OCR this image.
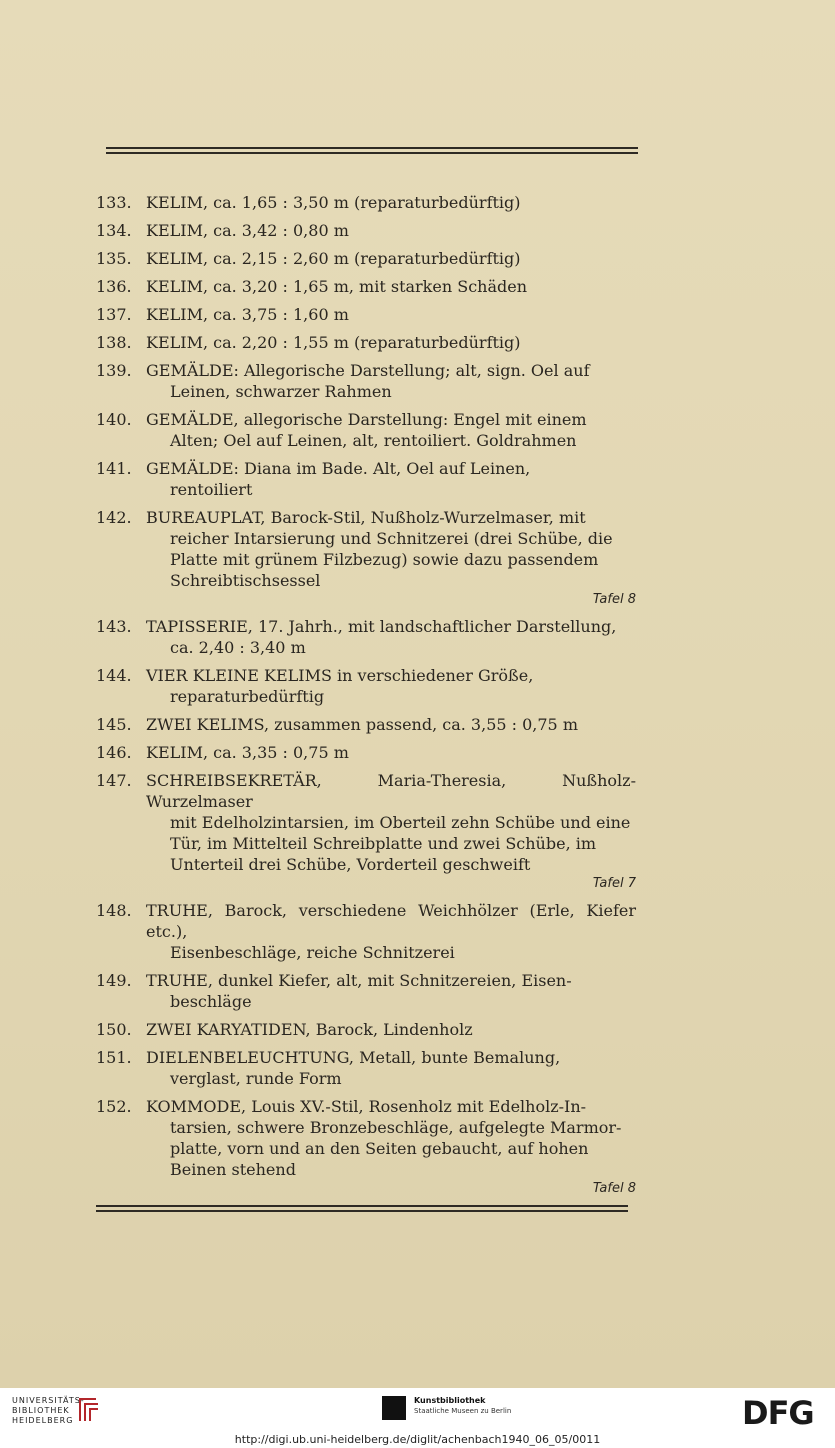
133. KELIM, ca. 1,65 : 3,50 m (reparaturbedürftig)
134. KELIM, ca. 3,42 : 0,80 m
135. KELIM, ca. 2,15 : 2,60 m (reparaturbedürftig)
136. KELIM, ca. 3,20 : 1,65 m, mit starken Schäden
137. KELIM, ca. 3,75 : 1,60 m
138. KELIM, ca. 2,20 : 1,55 m (reparaturbedürftig)
139. GEMÄLDE: Allegorische Darstellung; alt, sign. Oel auf
Leinen, schwarzer Rahmen
140. GEMÄLDE, allegorische Darstellung: Engel mit einem
Alten; Oel auf Leinen, alt, rentoiliert. Goldrahmen
141. GEMÄLDE: Diana im Bade. Alt, Oel auf Leinen,
rentoiliert
142. BUREAUPLAT, Barock-Stil, Nußholz-Wurzelmaser, mit
reicher Intarsierung und Schnitzerei (drei Schübe, die
Platte mit grünem Filzbezug) sowie dazu passendem
Schreibtischsessel
Tafel 8
143. TAPISSERIE, 17. Jahrh., mit landschaftlicher Darstellung,
ca. 2,40 : 3,40 m
144. VIER KLEINE KELIMS in verschiedener Größe,
reparaturbedürftig
145. ZWEI KELIMS, zusammen passend, ca. 3,55 : 0,75 m
146. KELIM, ca. 3,35 : 0,75 m
147. SCHREIBSEKRETÄR, Maria-Theresia, Nußholz-Wurzelmaser
mit Edelholzintarsien, im Oberteil zehn Schübe und eine
Tür, im Mittelteil Schreibplatte und zwei Schübe, im
Unterteil drei Schübe, Vorderteil geschweift
Tafel 7
148. TRUHE, Barock, verschiedene Weichhölzer (Erle, Kiefer etc.),
Eisenbeschläge, reiche Schnitzerei
149. TRUHE, dunkel Kiefer, alt, mit Schnitzereien, Eisen-
beschläge
150. ZWEI KARYATIDEN, Barock, Lindenholz
151. DIELENBELEUCHTUNG, Metall, bunte Bemalung,
verglast, runde Form
152. KOMMODE, Louis XV.-Stil, Rosenholz mit Edelholz-In-
tarsien, schwere Bronzebeschläge, aufgelegte Marmor-
platte, vorn und an den Seiten gebaucht, auf hohen
Beinen stehend
Tafel 8
UNIVERSITÄTS-
BIBLIOTHEK
HEIDELBERG
Kunstbibliothek
Staatliche Museen zu Berlin	DFG
http://digi.ub.uni-heidelberg.de/diglit/achenbach1940_06_05/0011
